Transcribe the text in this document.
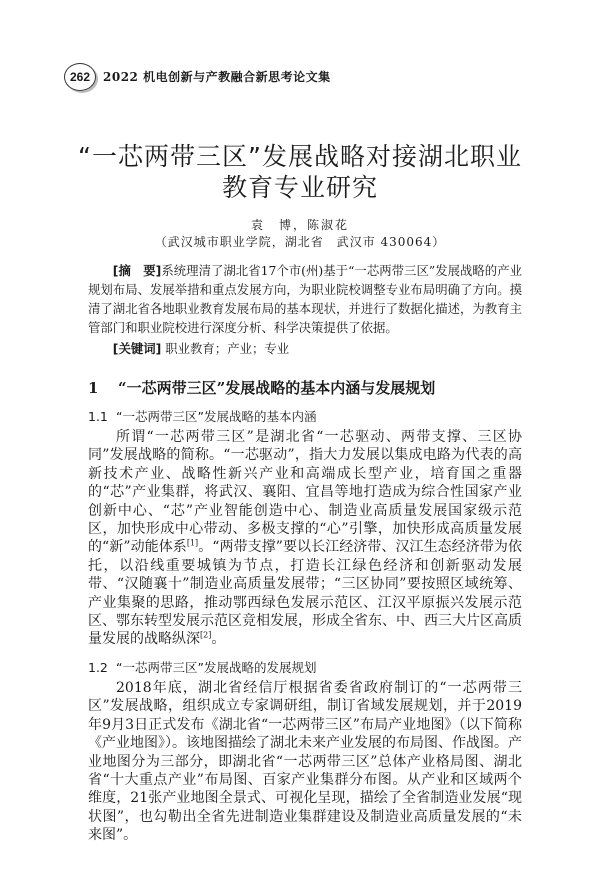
262	2022 机电创新与产教融合新思考论文集
“一芯两带三区”发展战略对接湖北职业
教育专业研究
袁　博，陈淑花
（武汉城市职业学院，湖北省　武汉市 430064）
[摘　要]系统理清了湖北省17个市(州)基于“一芯两带三区”发展战略的产业规划布局、发展举措和重点发展方向，为职业院校调整专业布局明确了方向。摸清了湖北省各地职业教育发展布局的基本现状，并进行了数据化描述，为教育主管部门和职业院校进行深度分析、科学决策提供了依据。
[关键词] 职业教育；产业；专业
1 “一芯两带三区”发展战略的基本内涵与发展规划
1.1 “一芯两带三区”发展战略的基本内涵
所谓“一芯两带三区”是湖北省“一芯驱动、两带支撑、三区协同”发展战略的简称。“一芯驱动”，指大力发展以集成电路为代表的高新技术产业、战略性新兴产业和高端成长型产业，培育国之重器的“芯”产业集群，将武汉、襄阳、宜昌等地打造成为综合性国家产业创新中心、“芯”产业智能创造中心、制造业高质量发展国家级示范区，加快形成中心带动、多极支撑的“心”引擎，加快形成高质量发展的“新”动能体系[1]。“两带支撑”要以长江经济带、汉江生态经济带为依托，以沿线重要城镇为节点，打造长江绿色经济和创新驱动发展带、“汉随襄十”制造业高质量发展带；“三区协同”要按照区域统筹、产业集聚的思路，推动鄂西绿色发展示范区、江汉平原振兴发展示范区、鄂东转型发展示范区竞相发展，形成全省东、中、西三大片区高质量发展的战略纵深[2]。
1.2 “一芯两带三区”发展战略的发展规划
2018年底，湖北省经信厅根据省委省政府制订的“一芯两带三区”发展战略，组织成立专家调研组，制订省域发展规划，并于2019年9月3日正式发布《湖北省“一芯两带三区”布局产业地图》（以下简称《产业地图》）。该地图描绘了湖北未来产业发展的布局图、作战图。产业地图分为三部分，即湖北省“一芯两带三区”总体产业格局图、湖北省“十大重点产业”布局图、百家产业集群分布图。从产业和区域两个维度，21张产业地图全景式、可视化呈现，描绘了全省制造业发展“现状图”，也勾勒出全省先进制造业集群建设及制造业高质量发展的“未来图”。
